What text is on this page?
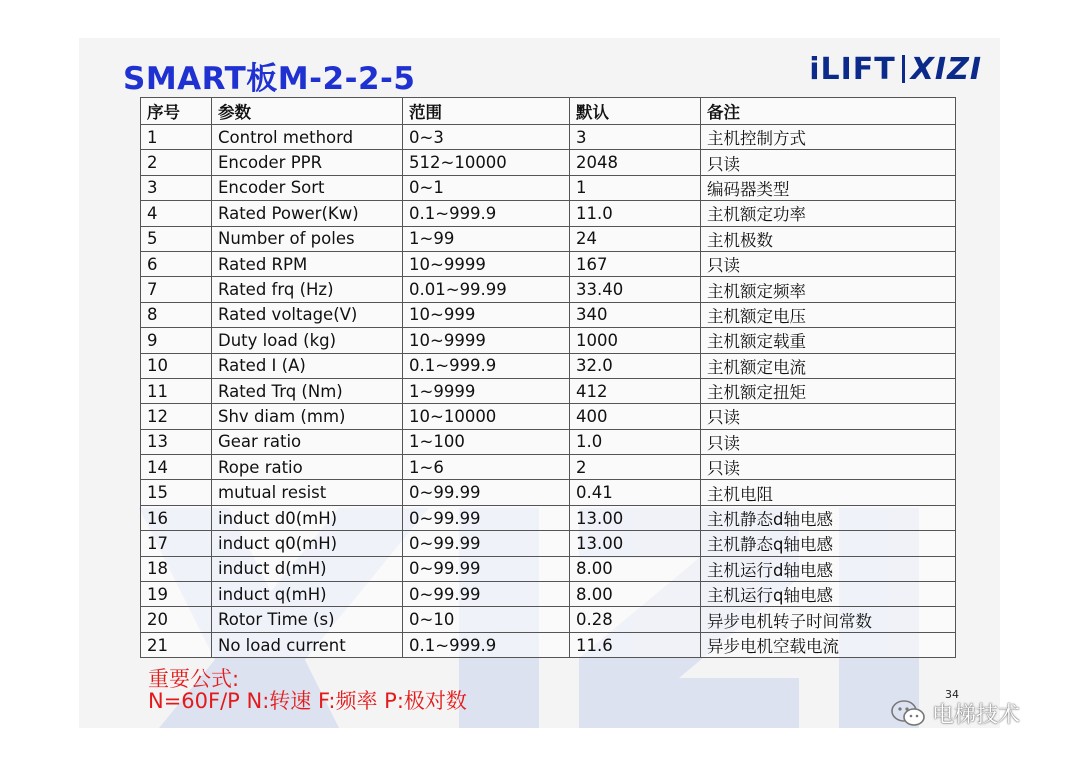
SMART板M-2-2-5	iLIFT XIZI
序号	参数	范围	默认	备注
1	Control methord	0~3	3	主机控制方式
2	Encoder PPR	512~10000	2048	只读
3	Encoder Sort	0~1	1	编码器类型
4	Rated Power(Kw)	0.1~999.9	11.0	主机额定功率
5	Number of poles	1~99	24	主机极数
6	Rated RPM	10~9999	167	只读
7	Rated frq (Hz)	0.01~99.99	33.40	主机额定频率
8	Rated voltage(V)	10~999	340	主机额定电压
9	Duty load (kg)	10~9999	1000	主机额定载重
10	Rated I (A)	0.1~999.9	32.0	主机额定电流
11	Rated Trq (Nm)	1~9999	412	主机额定扭矩
12	Shv diam (mm)	10~10000	400	只读
13	Gear ratio	1~100	1.0	只读
14	Rope ratio	1~6	2	只读
15	mutual resist	0~99.99	0.41	主机电阻
16	induct d0(mH)	0~99.99	13.00	主机静态d轴电感
17	induct q0(mH)	0~99.99	13.00	主机静态q轴电感
18	induct d(mH)	0~99.99	8.00	主机运行d轴电感
19	induct q(mH)	0~99.99	8.00	主机运行q轴电感
20	Rotor Time (s)	0~10	0.28	异步电机转子时间常数
21	No load current	0.1~999.9	11.6	异步电机空载电流
重要公式:
N=60F/P N:转速 F:频率 P:极对数	34
电梯技术
